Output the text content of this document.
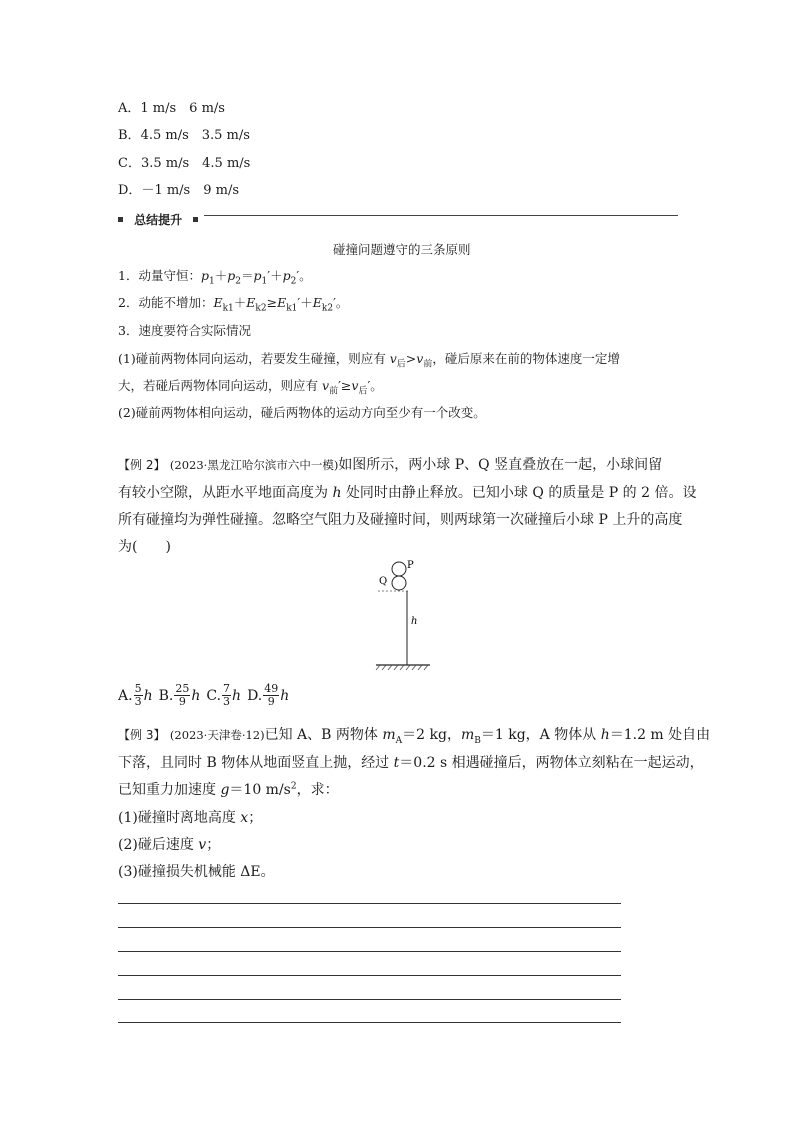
A．1 m/s　6 m/s
B．4.5 m/s　3.5 m/s
C．3.5 m/s　4.5 m/s
D．－1 m/s　9 m/s
总结提升
碰撞问题遵守的三条原则
1．动量守恒：$p_1+p_2=p_1'+p_2'$。
2．动能不增加：$E_{k1}+E_{k2}\ge E_{k1}'+E_{k2}'$。
3．速度要符合实际情况
(1)碰前两物体同向运动，若要发生碰撞，则应有 $v_后>v_前$，碰后原来在前的物体速度一定增
大，若碰后两物体同向运动，则应有 $v_前'\ge v_后'$。
(2)碰前两物体相向运动，碰后两物体的运动方向至少有一个改变。
【例 2】 (2023·黑龙江哈尔滨市六中一模)如图所示，两小球 P、Q 竖直叠放在一起，小球间留
有较小空隙，从距水平地面高度为 h 处同时由静止释放。已知小球 Q 的质量是 P 的 2 倍。设
所有碰撞均为弹性碰撞。忽略空气阻力及碰撞时间，则两球第一次碰撞后小球 P 上升的高度
为(　　)
P
Q
h
A. $\frac{5}{3}$ h B. $\frac{25}{9}$ h C. $\frac{7}{3}$ h D. $\frac{49}{9}$ h
【例 3】 (2023·天津卷·12)已知 A、B 两物体 $m_A=2$ kg，$m_B=1$ kg，A 物体从 h＝1.2 m 处自由
下落，且同时 B 物体从地面竖直上抛，经过 t＝0.2 s 相遇碰撞后，两物体立刻粘在一起运动，
已知重力加速度 g＝10 $m/s^2$，求：
(1)碰撞时离地高度 x；
(2)碰后速度 v；
(3)碰撞损失机械能 ΔE。
